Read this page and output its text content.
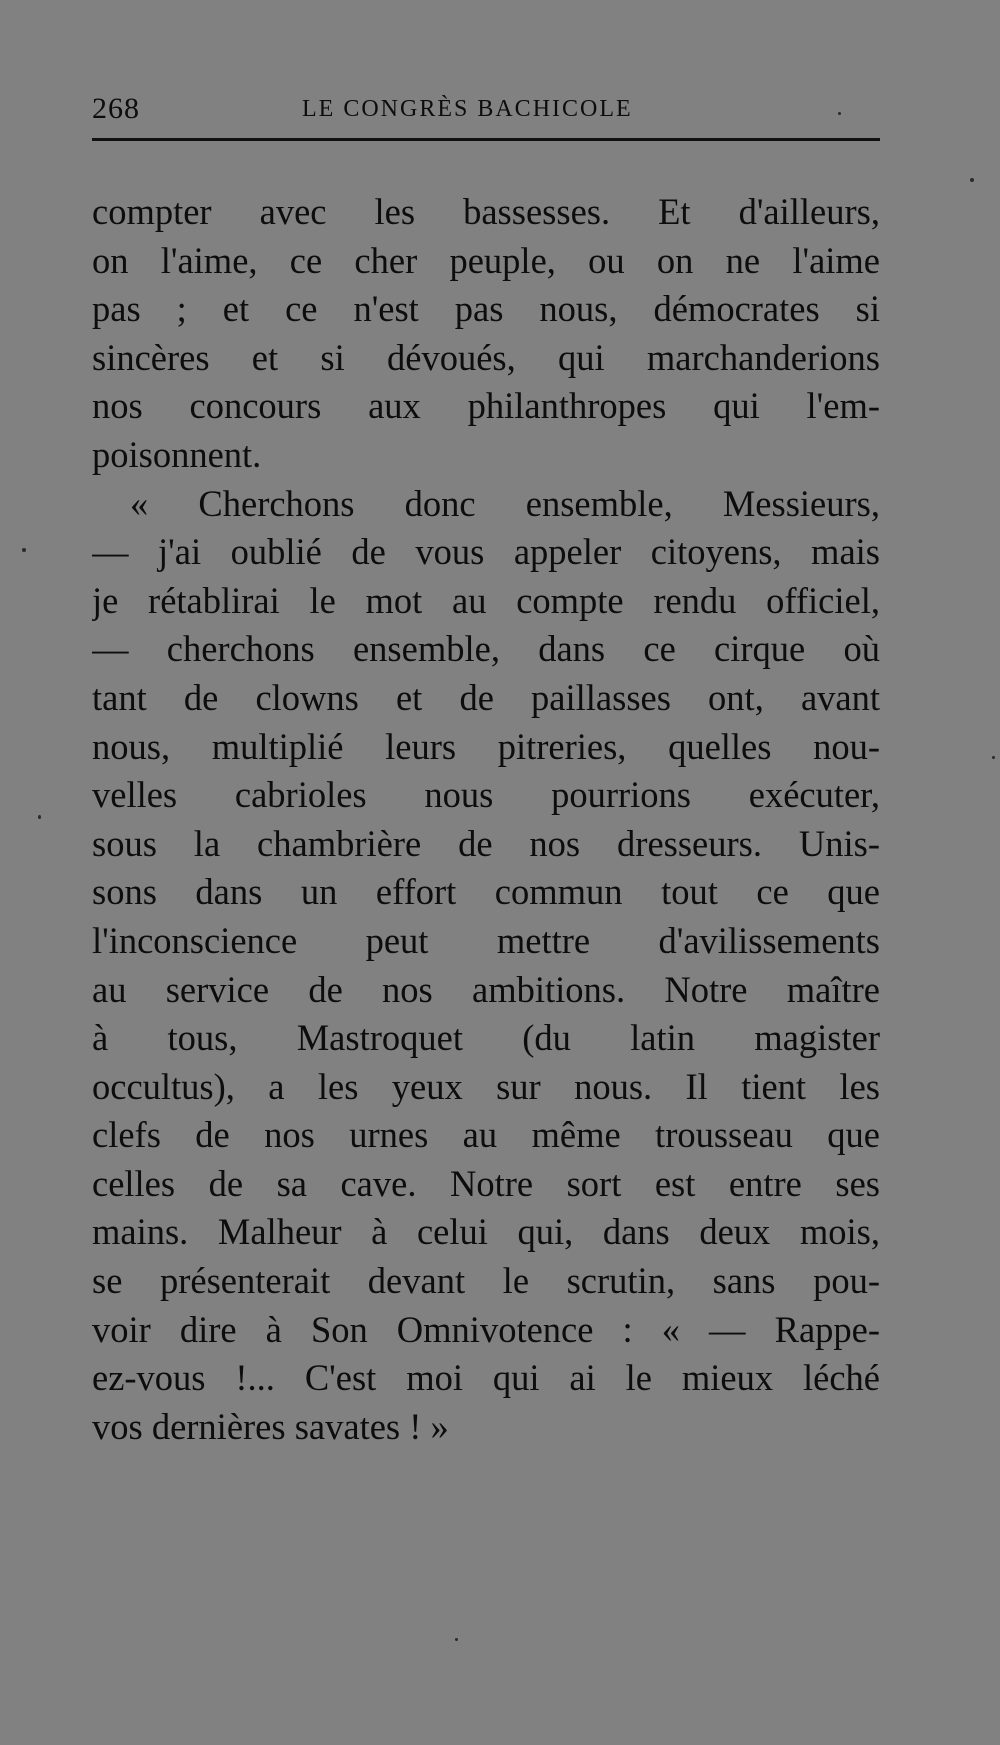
268	LE CONGRÈS BACHICOLE
compter avec les bassesses. Et d'ailleurs,
on l'aime, ce cher peuple, ou on ne l'aime
pas ; et ce n'est pas nous, démocrates si
sincères et si dévoués, qui marchanderions
nos concours aux philanthropes qui l'em-
poisonnent.
« Cherchons donc ensemble, Messieurs,
— j'ai oublié de vous appeler citoyens, mais
je rétablirai le mot au compte rendu officiel,
— cherchons ensemble, dans ce cirque où
tant de clowns et de paillasses ont, avant
nous, multiplié leurs pitreries, quelles nou-
velles cabrioles nous pourrions exécuter,
sous la chambrière de nos dresseurs. Unis-
sons dans un effort commun tout ce que
l'inconscience peut mettre d'avilissements
au service de nos ambitions. Notre maître
à tous, Mastroquet (du latin magister
occultus), a les yeux sur nous. Il tient les
clefs de nos urnes au même trousseau que
celles de sa cave. Notre sort est entre ses
mains. Malheur à celui qui, dans deux mois,
se présenterait devant le scrutin, sans pou-
voir dire à Son Omnivotence : « — Rappe-
ez-vous !... C'est moi qui ai le mieux léché
vos dernières savates ! »
